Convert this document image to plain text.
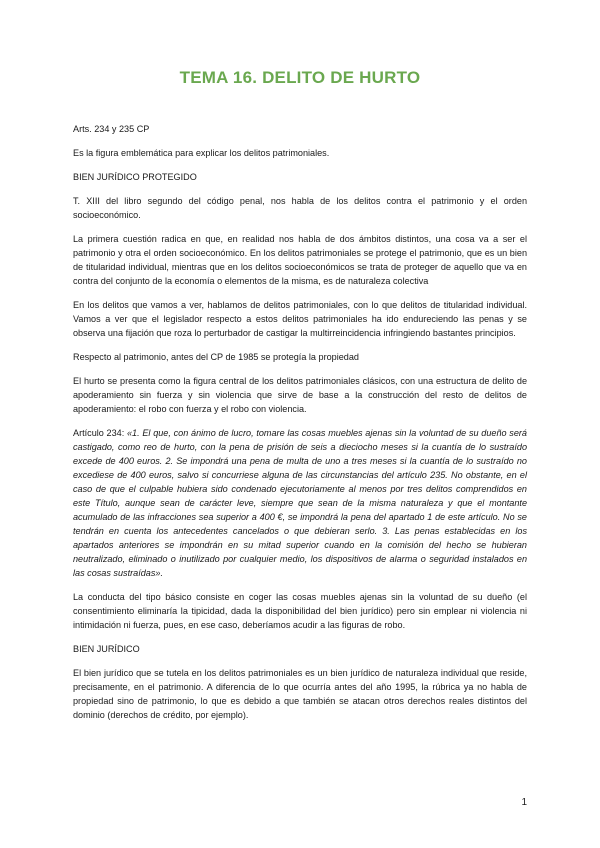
TEMA 16. DELITO DE HURTO

Arts. 234 y 235 CP

Es la figura emblemática para explicar los delitos patrimoniales.

BIEN JURÍDICO PROTEGIDO

T. XIII del libro segundo del código penal, nos habla de los delitos contra el patrimonio y el orden socioeconómico.

La primera cuestión radica en que, en realidad nos habla de dos ámbitos distintos, una cosa va a ser el patrimonio y otra el orden socioeconómico. En los delitos patrimoniales se protege el patrimonio, que es un bien de titularidad individual, mientras que en los delitos socioeconómicos se trata de proteger de aquello que va en contra del conjunto de la economía o elementos de la misma, es de naturaleza colectiva

En los delitos que vamos a ver, hablamos de delitos patrimoniales, con lo que delitos de titularidad individual. Vamos a ver que el legislador respecto a estos delitos patrimoniales ha ido endureciendo las penas y se observa una fijación que roza lo perturbador de castigar la multirreincidencia infringiendo bastantes principios.

Respecto al patrimonio, antes del CP de 1985 se protegía la propiedad

El hurto se presenta como la figura central de los delitos patrimoniales clásicos, con una estructura de delito de apoderamiento sin fuerza y sin violencia que sirve de base a la construcción del resto de delitos de apoderamiento: el robo con fuerza y el robo con violencia.

Artículo 234: «1. El que, con ánimo de lucro, tomare las cosas muebles ajenas sin la voluntad de su dueño será castigado, como reo de hurto, con la pena de prisión de seis a dieciocho meses si la cuantía de lo sustraído excede de 400 euros. 2. Se impondrá una pena de multa de uno a tres meses si la cuantía de lo sustraído no excediese de 400 euros, salvo si concurriese alguna de las circunstancias del artículo 235. No obstante, en el caso de que el culpable hubiera sido condenado ejecutoriamente al menos por tres delitos comprendidos en este Título, aunque sean de carácter leve, siempre que sean de la misma naturaleza y que el montante acumulado de las infracciones sea superior a 400 €, se impondrá la pena del apartado 1 de este artículo. No se tendrán en cuenta los antecedentes cancelados o que debieran serlo. 3. Las penas establecidas en los apartados anteriores se impondrán en su mitad superior cuando en la comisión del hecho se hubieran neutralizado, eliminado o inutilizado por cualquier medio, los dispositivos de alarma o seguridad instalados en las cosas sustraídas».

La conducta del tipo básico consiste en coger las cosas muebles ajenas sin la voluntad de su dueño (el consentimiento eliminaría la tipicidad, dada la disponibilidad del bien jurídico) pero sin emplear ni violencia ni intimidación ni fuerza, pues, en ese caso, deberíamos acudir a las figuras de robo.

BIEN JURÍDICO

El bien jurídico que se tutela en los delitos patrimoniales es un bien jurídico de naturaleza individual que reside, precisamente, en el patrimonio. A diferencia de lo que ocurría antes del año 1995, la rúbrica ya no habla de propiedad sino de patrimonio, lo que es debido a que también se atacan otros derechos reales distintos del dominio (derechos de crédito, por ejemplo).

1
